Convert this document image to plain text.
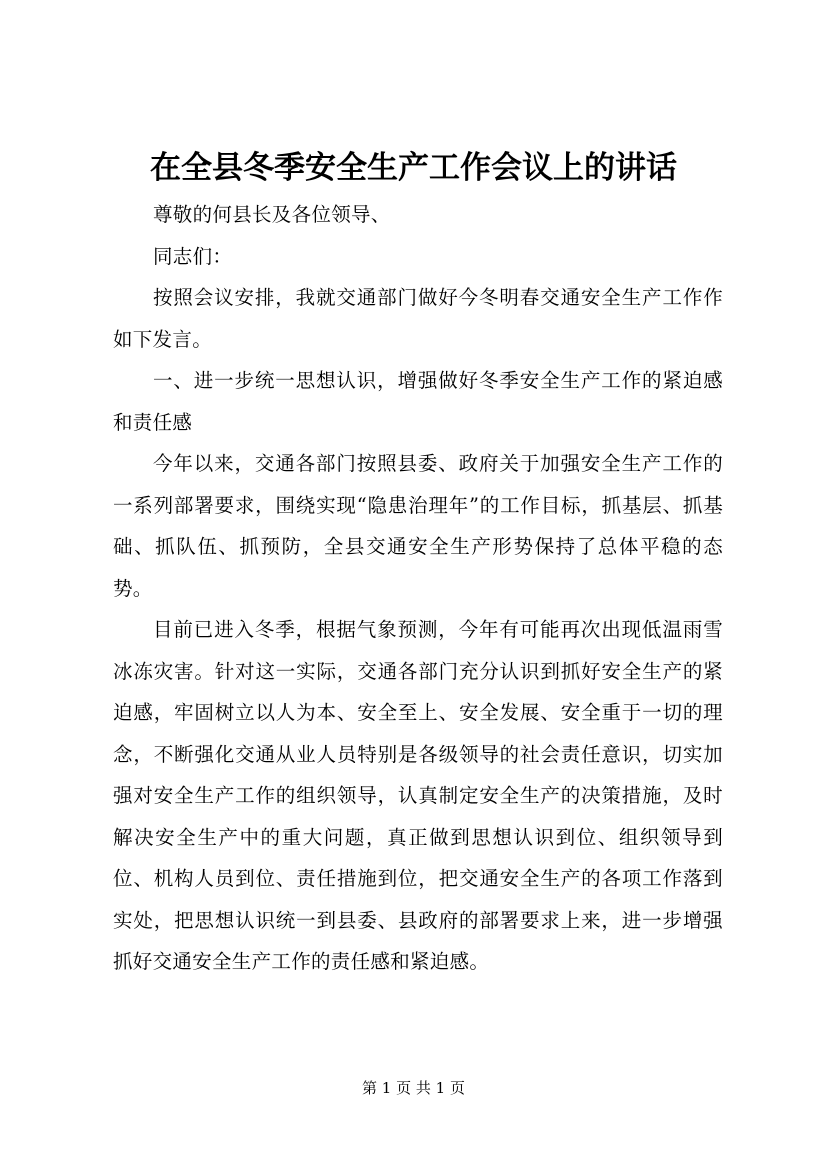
在全县冬季安全生产工作会议上的讲话

尊敬的何县长及各位领导、

同志们：

按照会议安排，我就交通部门做好今冬明春交通安全生产工作作如下发言。

一、进一步统一思想认识，增强做好冬季安全生产工作的紧迫感和责任感

今年以来，交通各部门按照县委、政府关于加强安全生产工作的一系列部署要求，围绕实现“隐患治理年”的工作目标，抓基层、抓基础、抓队伍、抓预防，全县交通安全生产形势保持了总体平稳的态势。

目前已进入冬季，根据气象预测，今年有可能再次出现低温雨雪冰冻灾害。针对这一实际，交通各部门充分认识到抓好安全生产的紧迫感，牢固树立以人为本、安全至上、安全发展、安全重于一切的理念，不断强化交通从业人员特别是各级领导的社会责任意识，切实加强对安全生产工作的组织领导，认真制定安全生产的决策措施，及时解决安全生产中的重大问题，真正做到思想认识到位、组织领导到位、机构人员到位、责任措施到位，把交通安全生产的各项工作落到实处，把思想认识统一到县委、县政府的部署要求上来，进一步增强抓好交通安全生产工作的责任感和紧迫感。

第 1 页 共 1 页
